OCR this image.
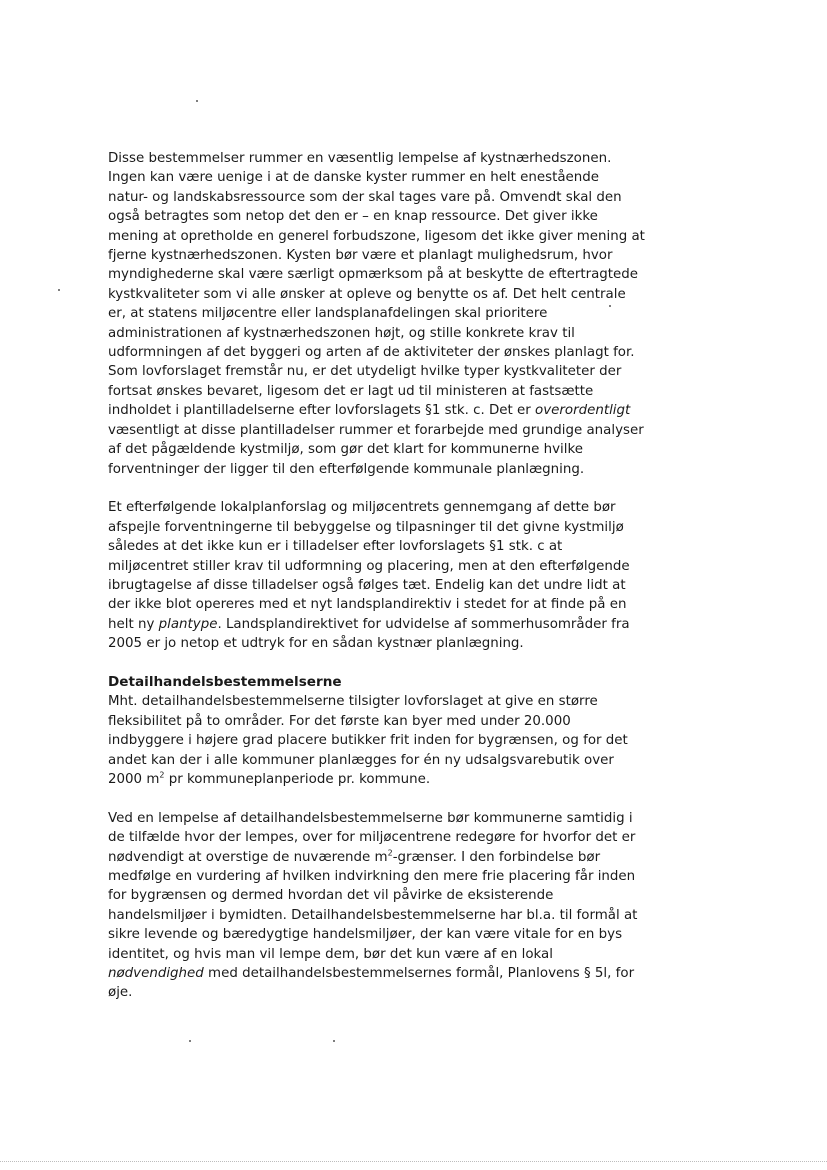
Disse bestemmelser rummer en væsentlig lempelse af kystnærhedszonen.
Ingen kan være uenige i at de danske kyster rummer en helt enestående
natur- og landskabsressource som der skal tages vare på. Omvendt skal den
også betragtes som netop det den er – en knap ressource. Det giver ikke
mening at opretholde en generel forbudszone, ligesom det ikke giver mening at
fjerne kystnærhedszonen. Kysten bør være et planlagt mulighedsrum, hvor
myndighederne skal være særligt opmærksom på at beskytte de eftertragtede
kystkvaliteter som vi alle ønsker at opleve og benytte os af. Det helt centrale
er, at statens miljøcentre eller landsplanafdelingen skal prioritere
administrationen af kystnærhedszonen højt, og stille konkrete krav til
udformningen af det byggeri og arten af de aktiviteter der ønskes planlagt for.
Som lovforslaget fremstår nu, er det utydeligt hvilke typer kystkvaliteter der
fortsat ønskes bevaret, ligesom det er lagt ud til ministeren at fastsætte
indholdet i plantilladelserne efter lovforslagets §1 stk. c. Det er overordentligt
væsentligt at disse plantilladelser rummer et forarbejde med grundige analyser
af det pågældende kystmiljø, som gør det klart for kommunerne hvilke
forventninger der ligger til den efterfølgende kommunale planlægning.

Et efterfølgende lokalplanforslag og miljøcentrets gennemgang af dette bør
afspejle forventningerne til bebyggelse og tilpasninger til det givne kystmiljø
således at det ikke kun er i tilladelser efter lovforslagets §1 stk. c at
miljøcentret stiller krav til udformning og placering, men at den efterfølgende
ibrugtagelse af disse tilladelser også følges tæt. Endelig kan det undre lidt at
der ikke blot opereres med et nyt landsplandirektiv i stedet for at finde på en
helt ny plantype. Landsplandirektivet for udvidelse af sommerhusområder fra
2005 er jo netop et udtryk for en sådan kystnær planlægning.

Detailhandelsbestemmelserne

Mht. detailhandelsbestemmelserne tilsigter lovforslaget at give en større
fleksibilitet på to områder. For det første kan byer med under 20.000
indbyggere i højere grad placere butikker frit inden for bygrænsen, og for det
andet kan der i alle kommuner planlægges for én ny udsalgsvarebutik over
2000 $m^2$ pr kommuneplanperiode pr. kommune.

Ved en lempelse af detailhandelsbestemmelserne bør kommunerne samtidig i
de tilfælde hvor der lempes, over for miljøcentrene redegøre for hvorfor det er
nødvendigt at overstige de nuværende $m^2$-grænser. I den forbindelse bør
medfølge en vurdering af hvilken indvirkning den mere frie placering får inden
for bygrænsen og dermed hvordan det vil påvirke de eksisterende
handelsmiljøer i bymidten. Detailhandelsbestemmelserne har bl.a. til formål at
sikre levende og bæredygtige handelsmiljøer, der kan være vitale for en bys
identitet, og hvis man vil lempe dem, bør det kun være af en lokal
nødvendighed med detailhandelsbestemmelsernes formål, Planlovens § 5l, for
øje.
